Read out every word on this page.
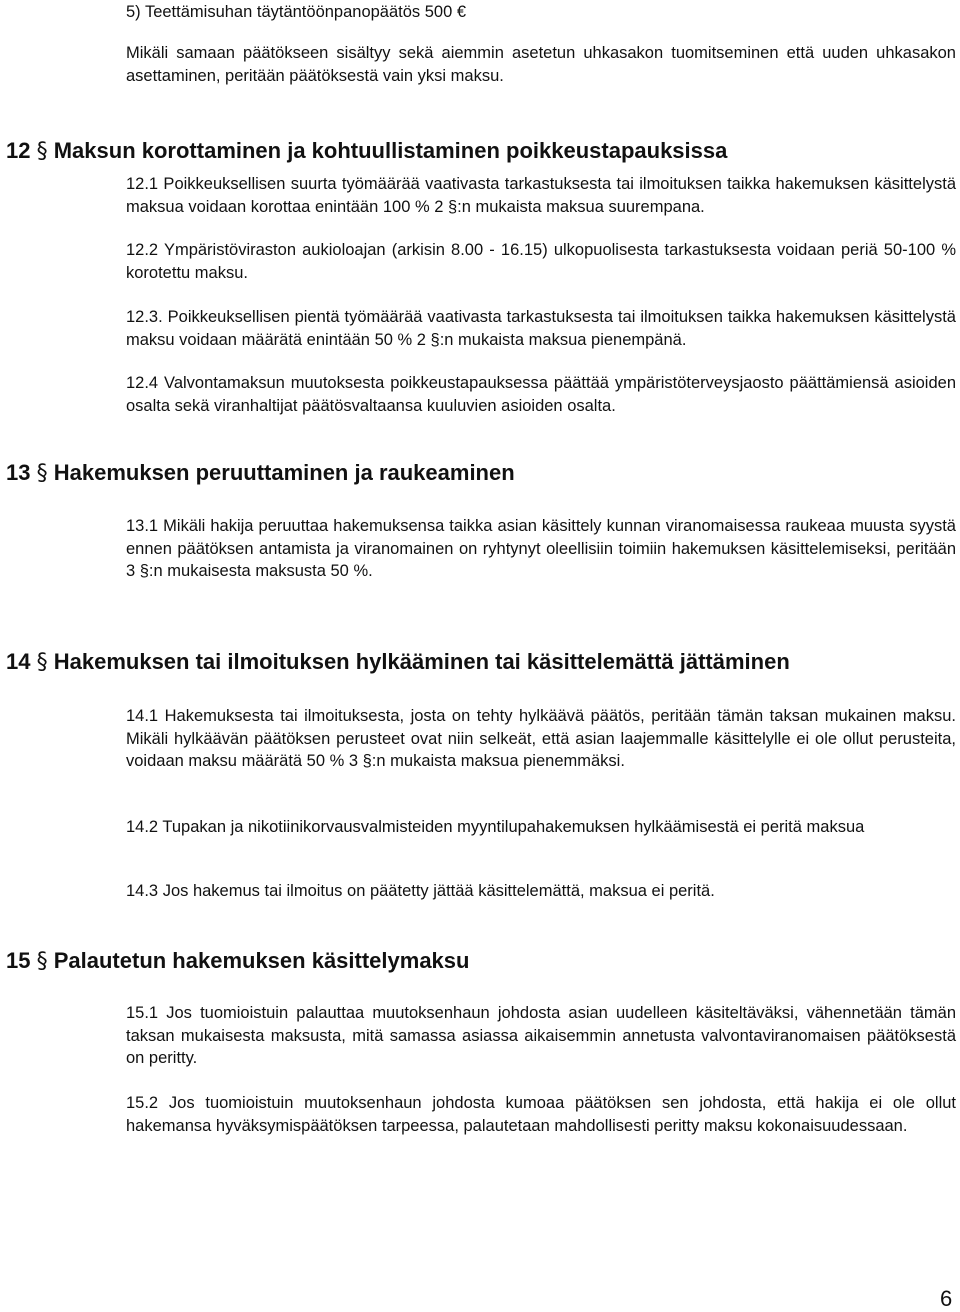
5) Teettämisuhan täytäntöönpanopäätös 500 €

Mikäli samaan päätökseen sisältyy sekä aiemmin asetetun uhkasakon tuomitseminen että uuden uhkasakon asettaminen, peritään päätöksestä vain yksi maksu.

12 § Maksun korottaminen ja kohtuullistaminen poikkeustapauksissa

12.1 Poikkeuksellisen suurta työmäärää vaativasta tarkastuksesta tai ilmoituksen taikka hakemuksen käsittelystä maksua voidaan korottaa enintään 100 % 2 §:n mukaista maksua suurempana.

12.2 Ympäristöviraston aukioloajan (arkisin 8.00 - 16.15) ulkopuolisesta tarkastuksesta voidaan periä 50-100 % korotettu maksu.

12.3. Poikkeuksellisen pientä työmäärää vaativasta tarkastuksesta tai ilmoituksen taikka hakemuksen käsittelystä maksu voidaan määrätä enintään 50 % 2 §:n mukaista maksua pienempänä.

12.4 Valvontamaksun muutoksesta poikkeustapauksessa päättää ympäristöterveysjaosto päättämiensä asioiden osalta sekä viranhaltijat päätösvaltaansa kuuluvien asioiden osalta.

13 § Hakemuksen peruuttaminen ja raukeaminen

13.1 Mikäli hakija peruuttaa hakemuksensa taikka asian käsittely kunnan viranomaisessa raukeaa muusta syystä ennen päätöksen antamista ja viranomainen on ryhtynyt oleellisiin toimiin hakemuksen käsittelemiseksi, peritään 3 §:n mukaisesta maksusta 50 %.

14 § Hakemuksen tai ilmoituksen hylkääminen tai käsittelemättä jättäminen

14.1 Hakemuksesta tai ilmoituksesta, josta on tehty hylkäävä päätös, peritään tämän taksan mukainen maksu. Mikäli hylkäävän päätöksen perusteet ovat niin selkeät, että asian laajemmalle käsittelylle ei ole ollut perusteita, voidaan maksu määrätä 50 % 3 §:n mukaista maksua pienemmäksi.

14.2 Tupakan ja nikotiinikorvausvalmisteiden myyntilupahakemuksen hylkäämisestä ei peritä maksua

14.3 Jos hakemus tai ilmoitus on päätetty jättää käsittelemättä, maksua ei peritä.

15 § Palautetun hakemuksen käsittelymaksu

15.1 Jos tuomioistuin palauttaa muutoksenhaun johdosta asian uudelleen käsiteltäväksi, vähennetään tämän taksan mukaisesta maksusta, mitä samassa asiassa aikaisemmin annetusta valvontaviranomaisen päätöksestä on peritty.

15.2 Jos tuomioistuin muutoksenhaun johdosta kumoaa päätöksen sen johdosta, että hakija ei ole ollut hakemansa hyväksymispäätöksen tarpeessa, palautetaan mahdollisesti peritty maksu kokonaisuudessaan.

6
